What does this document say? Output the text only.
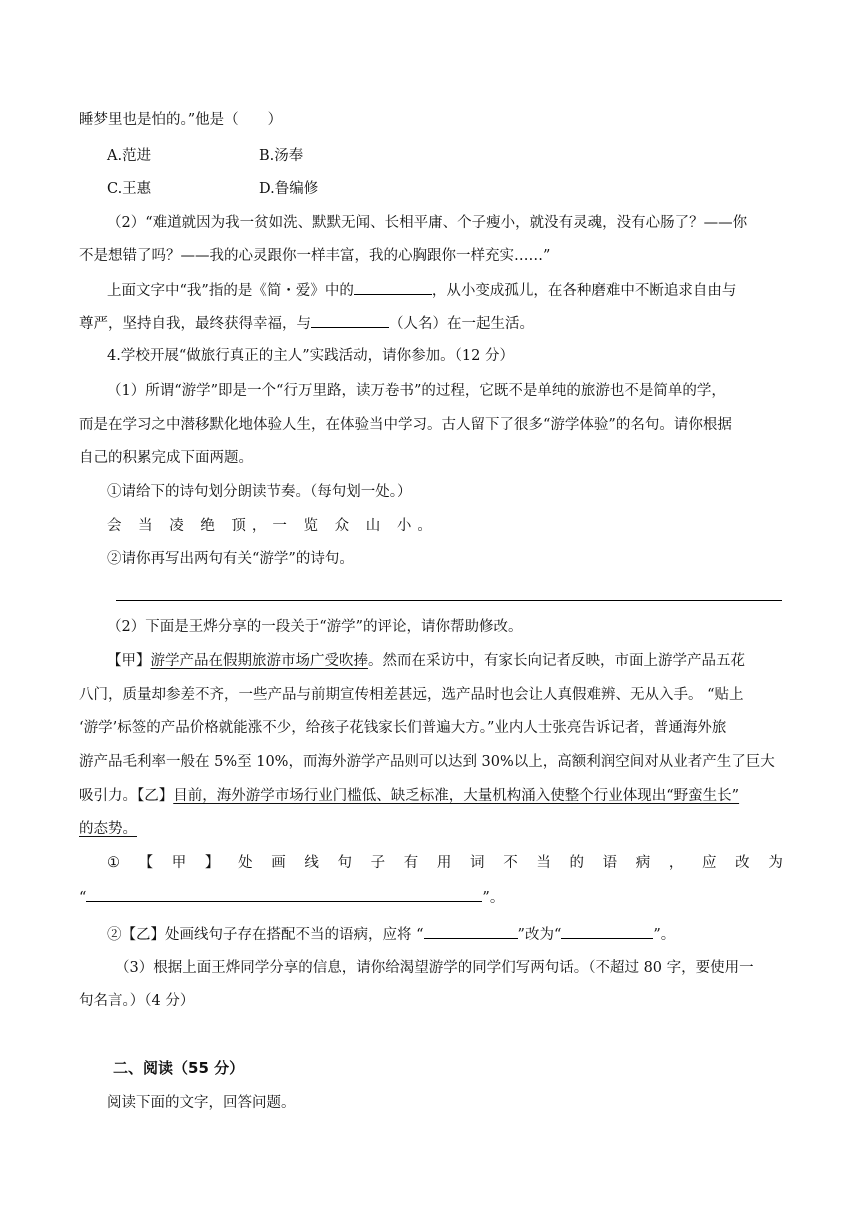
睡梦里也是怕的。”他是（　　）
A.范进	B.汤奉
C.王惠	D.鲁编修
（2）“难道就因为我一贫如洗、默默无闻、长相平庸、个子瘦小，就没有灵魂，没有心肠了？——你
不是想错了吗？——我的心灵跟你一样丰富，我的心胸跟你一样充实……”
上面文字中“我”指的是《简・爱》中的	，从小变成孤儿，在各种磨难中不断追求自由与
尊严，坚持自我，最终获得幸福，与	（人名）在一起生活。
4.学校开展“做旅行真正的主人”实践活动，请你参加。（12 分）
（1）所谓“游学”即是一个“行万里路，读万卷书”的过程，它既不是单纯的旅游也不是简单的学，
而是在学习之中潜移默化地体验人生，在体验当中学习。古人留下了很多“游学体验”的名句。请你根据
自己的积累完成下面两题。
①请给下的诗句划分朗读节奏。（每句划一处。）
会 当 凌 绝 顶，一 览 众 山 小。
②请你再写出两句有关“游学”的诗句。
（2）下面是王烨分享的一段关于“游学”的评论，请你帮助修改。
【甲】游学产品在假期旅游市场广受吹捧。然而在采访中，有家长向记者反映，市面上游学产品五花
八门，质量却参差不齐，一些产品与前期宣传相差甚远，选产品时也会让人真假难辨、无从入手。 “贴上
‘游学’标签的产品价格就能涨不少，给孩子花钱家长们普遍大方。”业内人士张亮告诉记者，普通海外旅
游产品毛利率一般在 5%至 10%，而海外游学产品则可以达到 30%以上，高额利润空间对从业者产生了巨大
吸引力。【乙】目前，海外游学市场行业门槛低、缺乏标准，大量机构涌入使整个行业体现出“野蛮生长”
的态势。
① 【 甲 】 处 画 线 句 子 有 用 词 不 当 的 语 病 ， 应 改 为
“	”。
②【乙】处画线句子存在搭配不当的语病，应将 “	”改为“	”。
（3）根据上面王烨同学分享的信息，请你给渴望游学的同学们写两句话。（不超过 80 字，要使用一
句名言。）（4 分）
二、阅读（55 分）
阅读下面的文字，回答问题。
